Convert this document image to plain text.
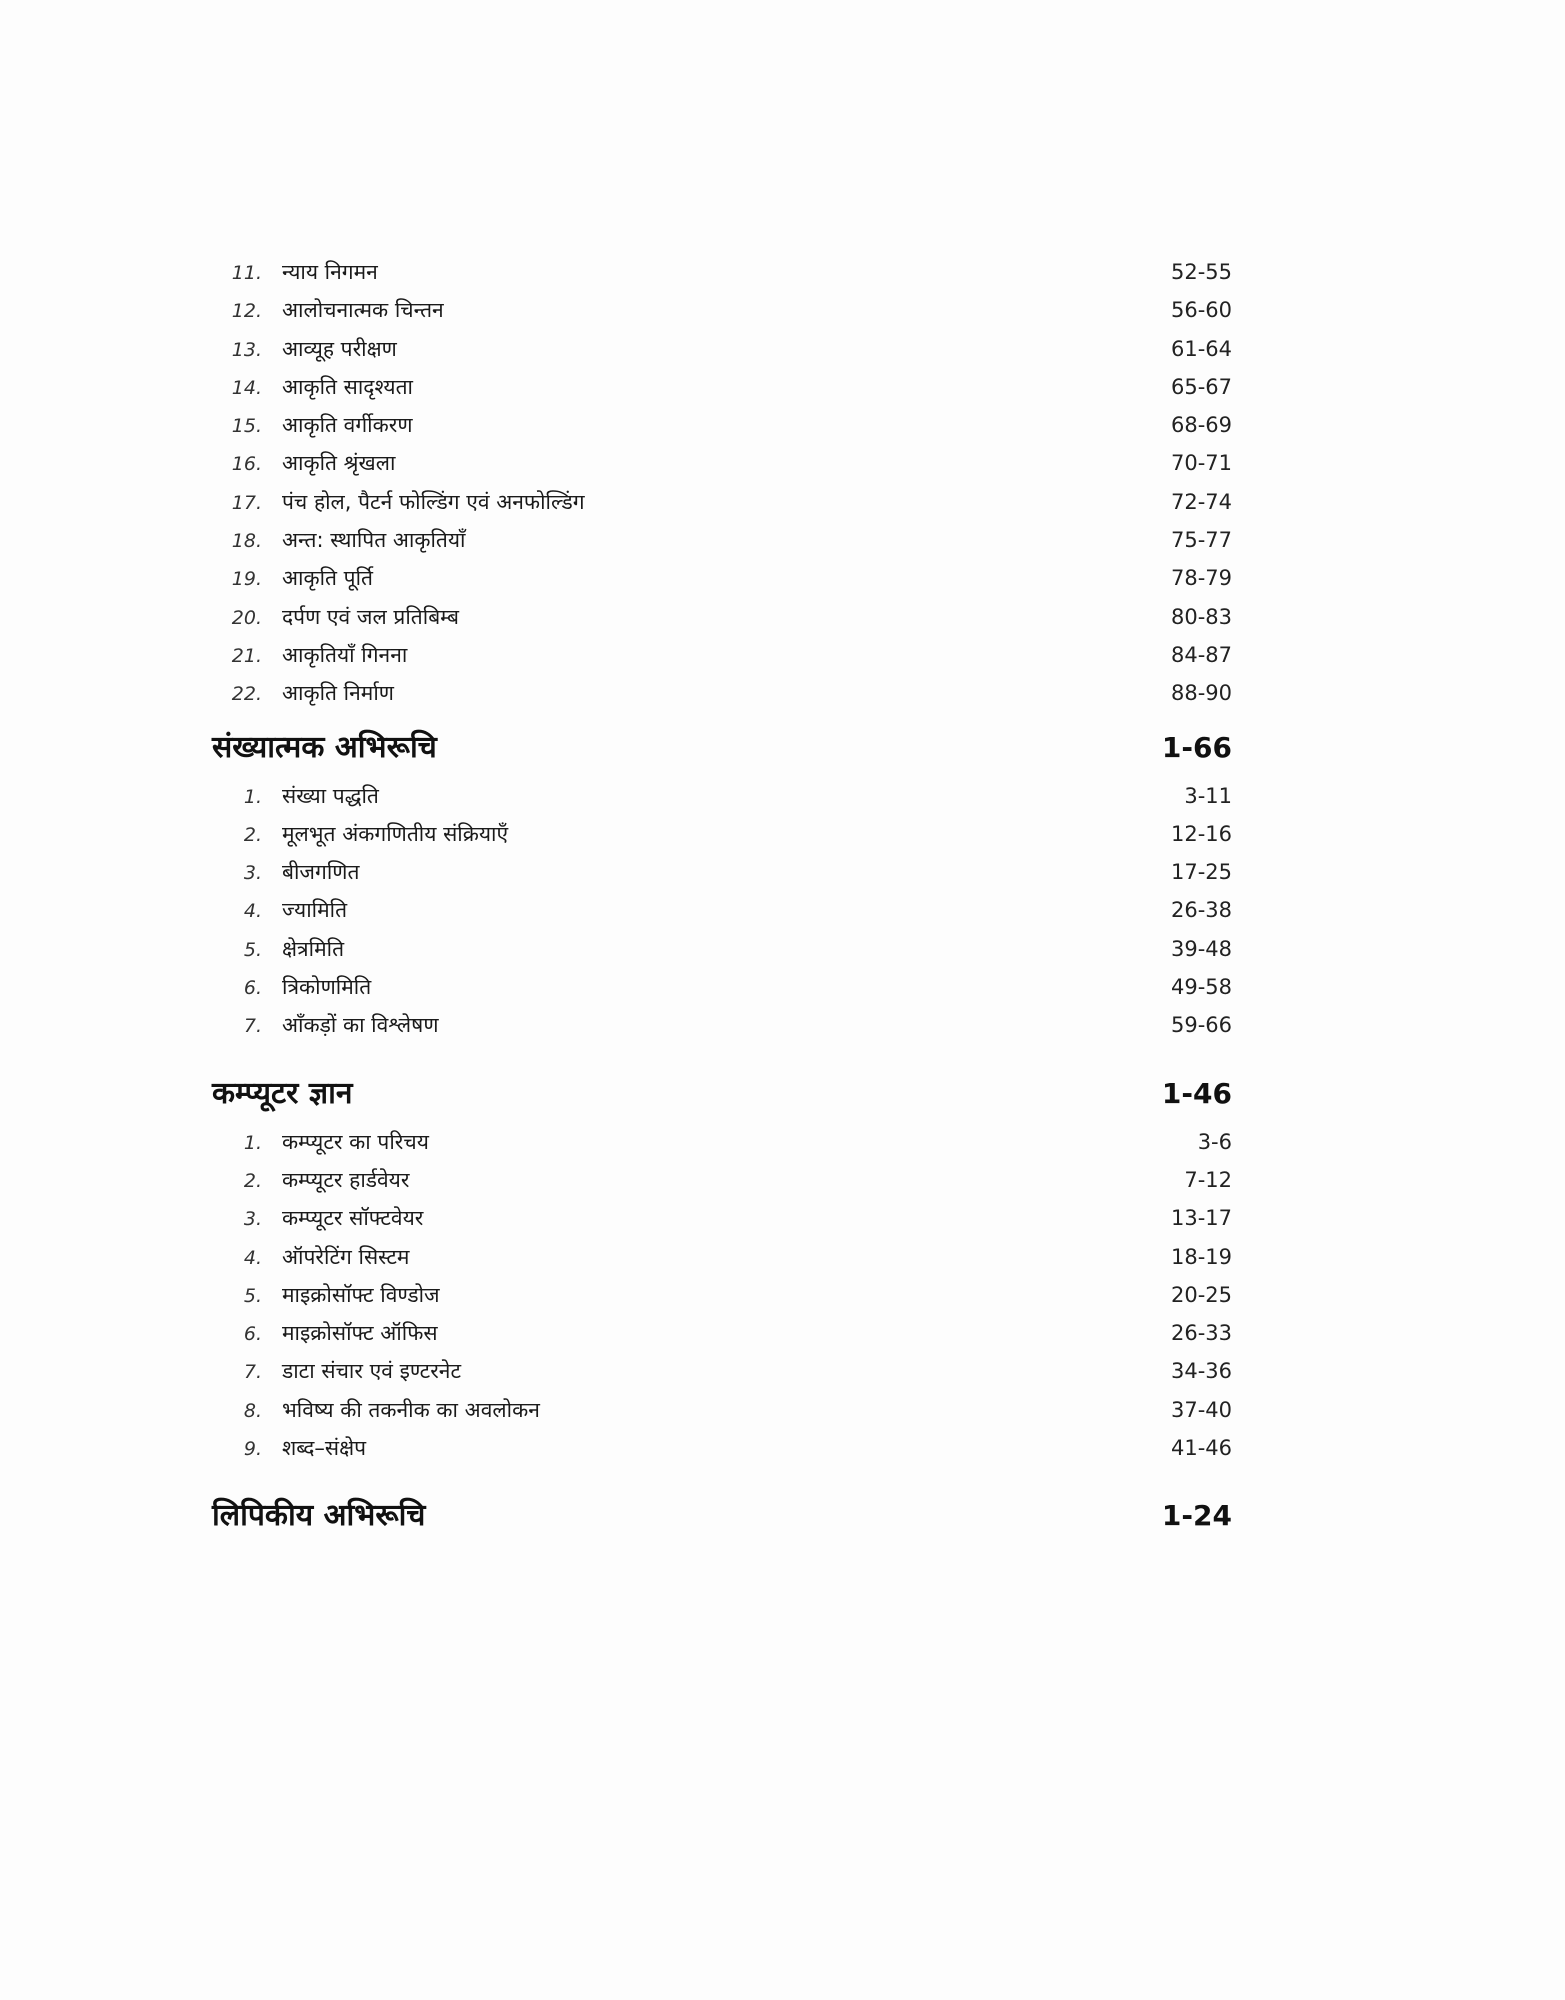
11. न्याय निगमन	52-55
12. आलोचनात्मक चिन्तन	56-60
13. आव्यूह परीक्षण	61-64
14. आकृति सादृश्यता	65-67
15. आकृति वर्गीकरण	68-69
16. आकृति श्रृंखला	70-71
17. पंच होल, पैटर्न फोल्डिंग एवं अनफोल्डिंग	72-74
18. अन्त: स्थापित आकृतियाँ	75-77
19. आकृति पूर्ति	78-79
20. दर्पण एवं जल प्रतिबिम्ब	80-83
21. आकृतियाँ गिनना	84-87
22. आकृति निर्माण	88-90
संख्यात्मक अभिरूचि	1-66
1. संख्या पद्धति	3-11
2. मूलभूत अंकगणितीय संक्रियाएँ	12-16
3. बीजगणित	17-25
4. ज्यामिति	26-38
5. क्षेत्रमिति	39-48
6. त्रिकोणमिति	49-58
7. आँकड़ों का विश्लेषण	59-66
कम्प्यूटर ज्ञान	1-46
1. कम्प्यूटर का परिचय	3-6
2. कम्प्यूटर हार्डवेयर	7-12
3. कम्प्यूटर सॉफ्टवेयर	13-17
4. ऑपरेटिंग सिस्टम	18-19
5. माइक्रोसॉफ्ट विण्डोज	20-25
6. माइक्रोसॉफ्ट ऑफिस	26-33
7. डाटा संचार एवं इण्टरनेट	34-36
8. भविष्य की तकनीक का अवलोकन	37-40
9. शब्द–संक्षेप	41-46
लिपिकीय अभिरूचि	1-24
